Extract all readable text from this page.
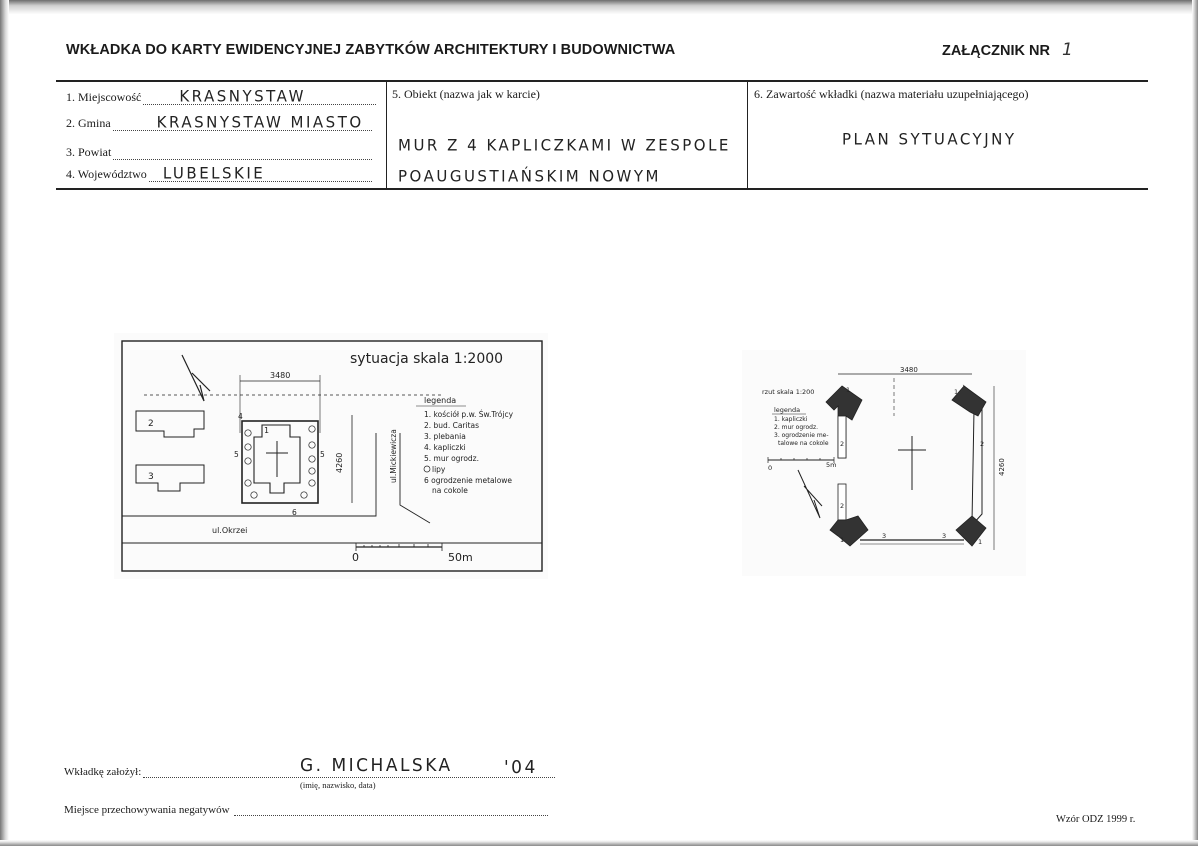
WKŁADKA DO KARTY EWIDENCYJNEJ ZABYTKÓW ARCHITEKTURY I BUDOWNICTWA	ZAŁĄCZNIK NR 1
1. Miejscowość	KRASNYSTAW
2. Gmina	KRASNYSTAW MIASTO
3. Powiat
4. Województwo LUBELSKIE
5. Obiekt (nazwa jak w karcie)
MUR Z 4 KAPLICZKAMI W ZESPOLE
POAUGUSTIAŃSKIM NOWYM
6. Zawartość wkładki (nazwa materiału uzupełniającego)
PLAN SYTUACYJNY
sytuacja skala 1:2000
3480
4260
2
3
1
4
5	5
6
ul.Mickiewicza
ul.Okrzei
legenda
1. kościół p.w. Św.Trójcy
2. bud. Caritas
3. plebania
4. kapliczki
5. mur ogrodz.
lipy
6 ogrodzenie metalowe
na cokole
0	50m
3480
rzut skala 1:200
legenda
1. kapliczki
2. mur ogrodz.
3. ogrodzenie me-
talowe na cokole 2
1
2
1
2
1
1
3	3
4260
0	5m
Wkładkę założył:	G. MICHALSKA	'04
(imię, nazwisko, data)
Miejsce przechowywania negatywów
Wzór ODZ 1999 r.
